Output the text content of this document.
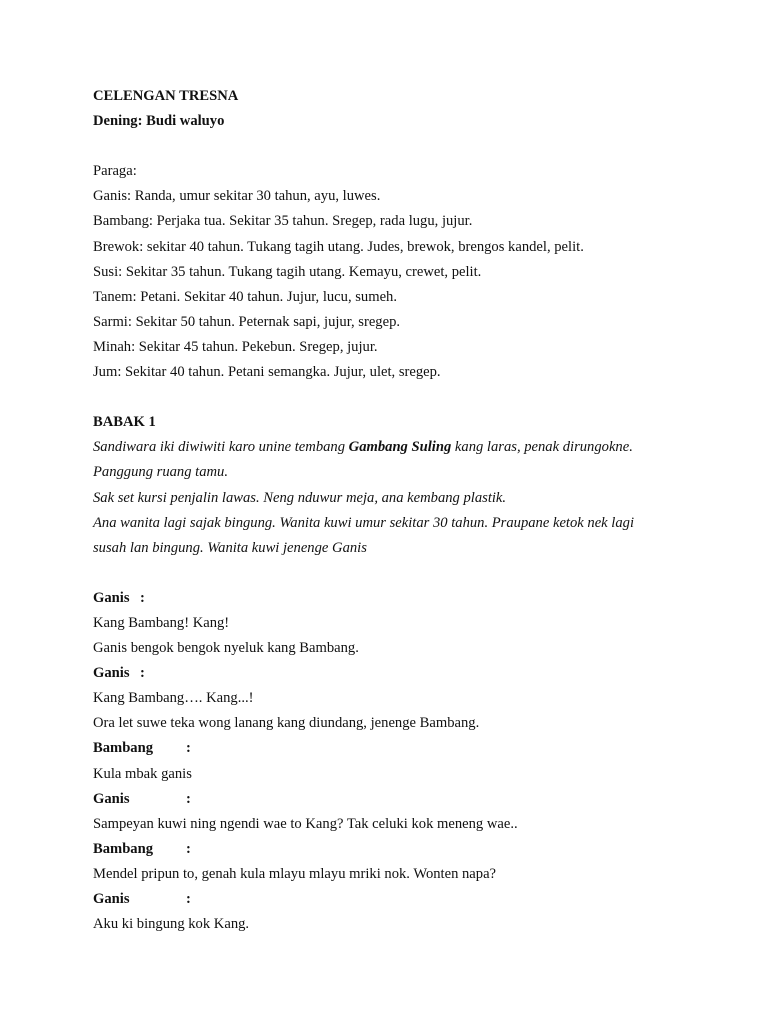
CELENGAN TRESNA
Dening: Budi waluyo
Paraga:
Ganis: Randa, umur sekitar 30 tahun, ayu, luwes.
Bambang: Perjaka tua. Sekitar 35 tahun. Sregep, rada lugu, jujur.
Brewok: sekitar 40 tahun. Tukang tagih utang. Judes, brewok, brengos kandel, pelit.
Susi: Sekitar 35 tahun. Tukang tagih utang. Kemayu, crewet, pelit.
Tanem: Petani. Sekitar 40 tahun. Jujur, lucu, sumeh.
Sarmi: Sekitar 50 tahun. Peternak sapi, jujur, sregep.
Minah: Sekitar 45 tahun. Pekebun. Sregep, jujur.
Jum: Sekitar 40 tahun. Petani semangka. Jujur, ulet, sregep.
BABAK 1
Sandiwara iki diwiwiti karo unine tembang Gambang Suling kang laras, penak dirungokne.
Panggung ruang tamu.
Sak set kursi penjalin lawas. Neng nduwur meja, ana kembang plastik.
Ana wanita lagi sajak bingung. Wanita kuwi umur sekitar 30 tahun. Praupane ketok nek lagi
susah lan bingung. Wanita kuwi jenenge Ganis
Ganis :
Kang Bambang! Kang!
Ganis bengok bengok nyeluk kang Bambang.
Ganis :
Kang Bambang…. Kang...!
Ora let suwe teka wong lanang kang diundang, jenenge Bambang.
Bambang :
Kula mbak ganis
Ganis	:
Sampeyan kuwi ning ngendi wae to Kang? Tak celuki kok meneng wae..
Bambang :
Mendel pripun to, genah kula mlayu mlayu mriki nok. Wonten napa?
Ganis	:
Aku ki bingung kok Kang.
